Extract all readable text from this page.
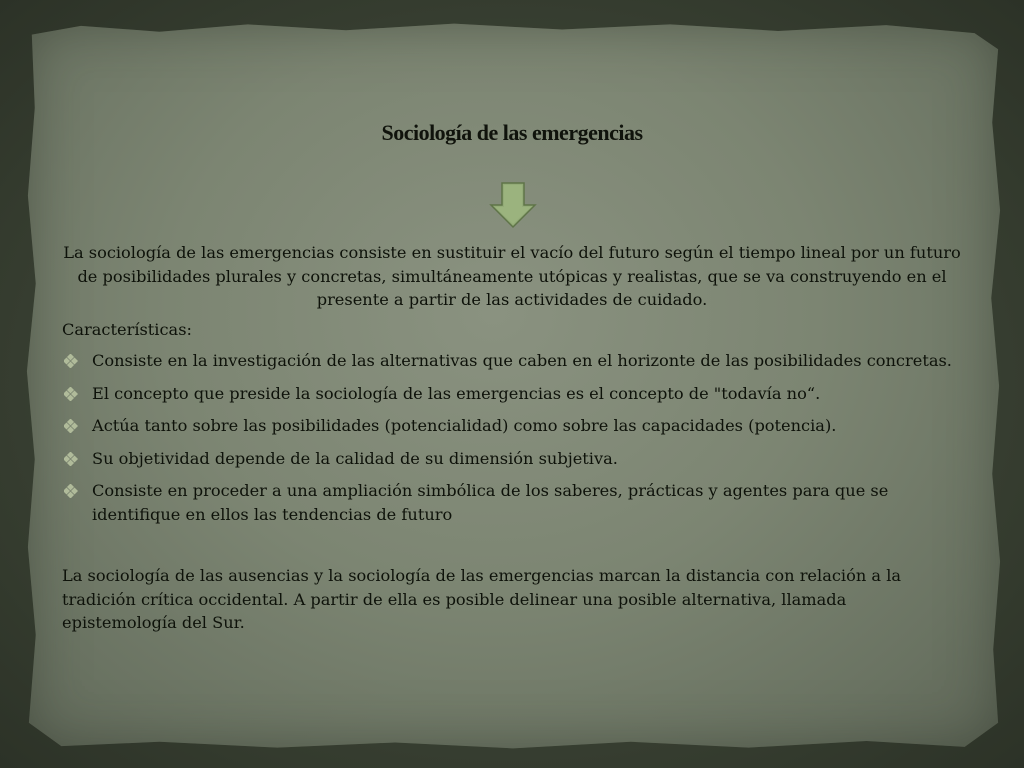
Sociología de las emergencias

La sociología de las emergencias consiste en sustituir el vacío del futuro según el tiempo lineal por un futuro de posibilidades plurales y concretas, simultáneamente utópicas y realistas, que se va construyendo en el presente a partir de las actividades de cuidado.

Características:

Consiste en la investigación de las alternativas que caben en el horizonte de las posibilidades concretas.
El concepto que preside la sociología de las emergencias es el concepto de "todavía no“.
Actúa tanto sobre las posibilidades (potencialidad) como sobre las capacidades (potencia).
Su objetividad depende de la calidad de su dimensión subjetiva.
Consiste en proceder a una ampliación simbólica de los saberes, prácticas y agentes para que se identifique en ellos las tendencias de futuro

La sociología de las ausencias y la sociología de las emergencias marcan la distancia con relación a la tradición crítica occidental. A partir de ella es posible delinear una posible alternativa, llamada epistemología del Sur.
